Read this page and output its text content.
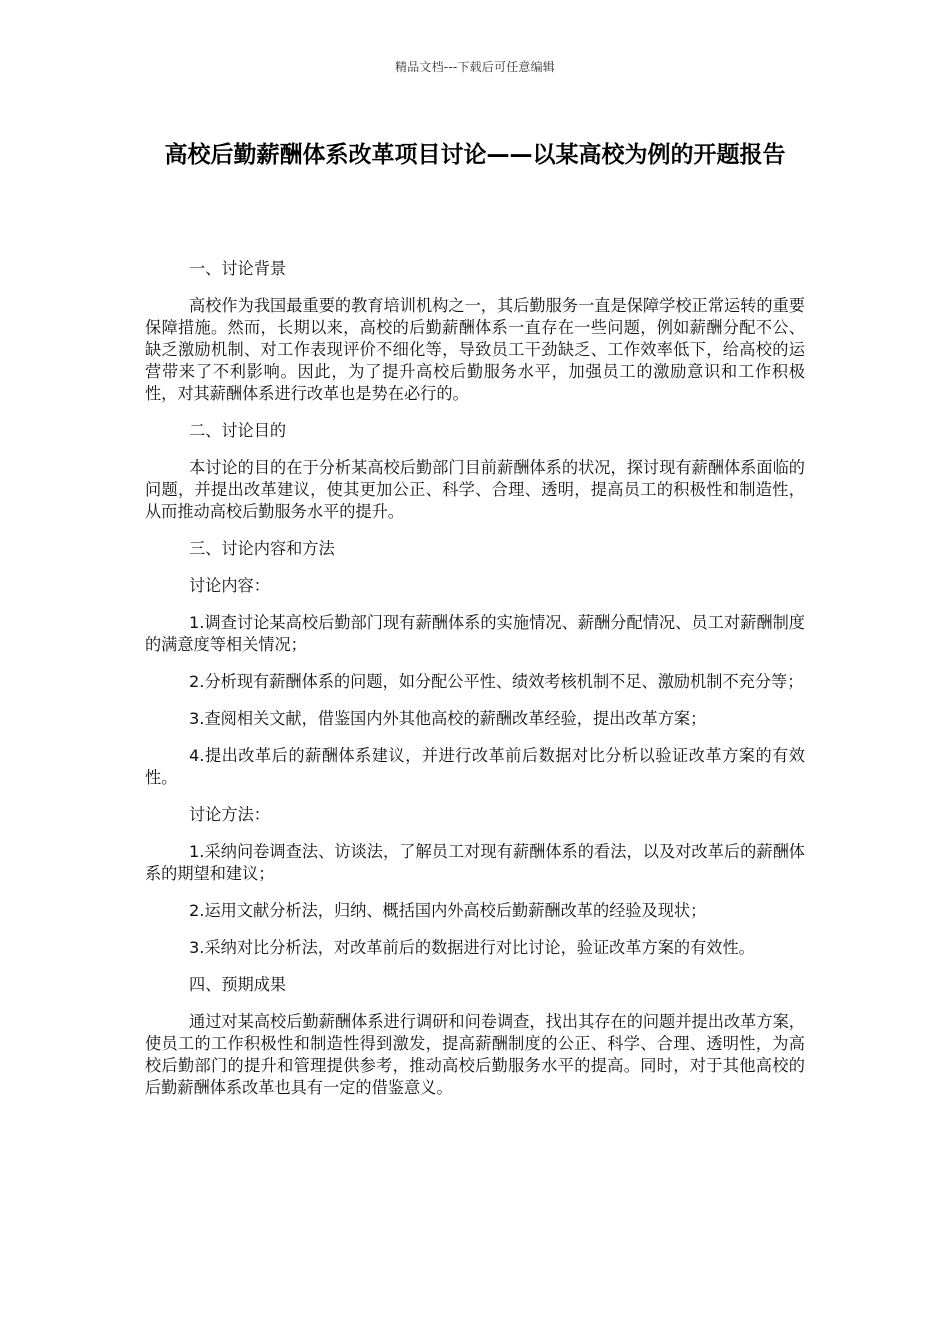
精品文档---下载后可任意编辑
高校后勤薪酬体系改革项目讨论——以某高校为例的开题报告

一、讨论背景

高校作为我国最重要的教育培训机构之一，其后勤服务一直是保障学校正常运转的重要保障措施。然而，长期以来，高校的后勤薪酬体系一直存在一些问题，例如薪酬分配不公、缺乏激励机制、对工作表现评价不细化等，导致员工干劲缺乏、工作效率低下，给高校的运营带来了不利影响。因此，为了提升高校后勤服务水平，加强员工的激励意识和工作积极性，对其薪酬体系进行改革也是势在必行的。

二、讨论目的

本讨论的目的在于分析某高校后勤部门目前薪酬体系的状况，探讨现有薪酬体系面临的问题，并提出改革建议，使其更加公正、科学、合理、透明，提高员工的积极性和制造性，从而推动高校后勤服务水平的提升。

三、讨论内容和方法

讨论内容：

1.调查讨论某高校后勤部门现有薪酬体系的实施情况、薪酬分配情况、员工对薪酬制度的满意度等相关情况；

2.分析现有薪酬体系的问题，如分配公平性、绩效考核机制不足、激励机制不充分等；

3.查阅相关文献，借鉴国内外其他高校的薪酬改革经验，提出改革方案；

4.提出改革后的薪酬体系建议，并进行改革前后数据对比分析以验证改革方案的有效性。

讨论方法：

1.采纳问卷调查法、访谈法，了解员工对现有薪酬体系的看法，以及对改革后的薪酬体系的期望和建议；

2.运用文献分析法，归纳、概括国内外高校后勤薪酬改革的经验及现状；

3.采纳对比分析法，对改革前后的数据进行对比讨论，验证改革方案的有效性。

四、预期成果

通过对某高校后勤薪酬体系进行调研和问卷调查，找出其存在的问题并提出改革方案，使员工的工作积极性和制造性得到激发，提高薪酬制度的公正、科学、合理、透明性，为高校后勤部门的提升和管理提供参考，推动高校后勤服务水平的提高。同时，对于其他高校的后勤薪酬体系改革也具有一定的借鉴意义。
